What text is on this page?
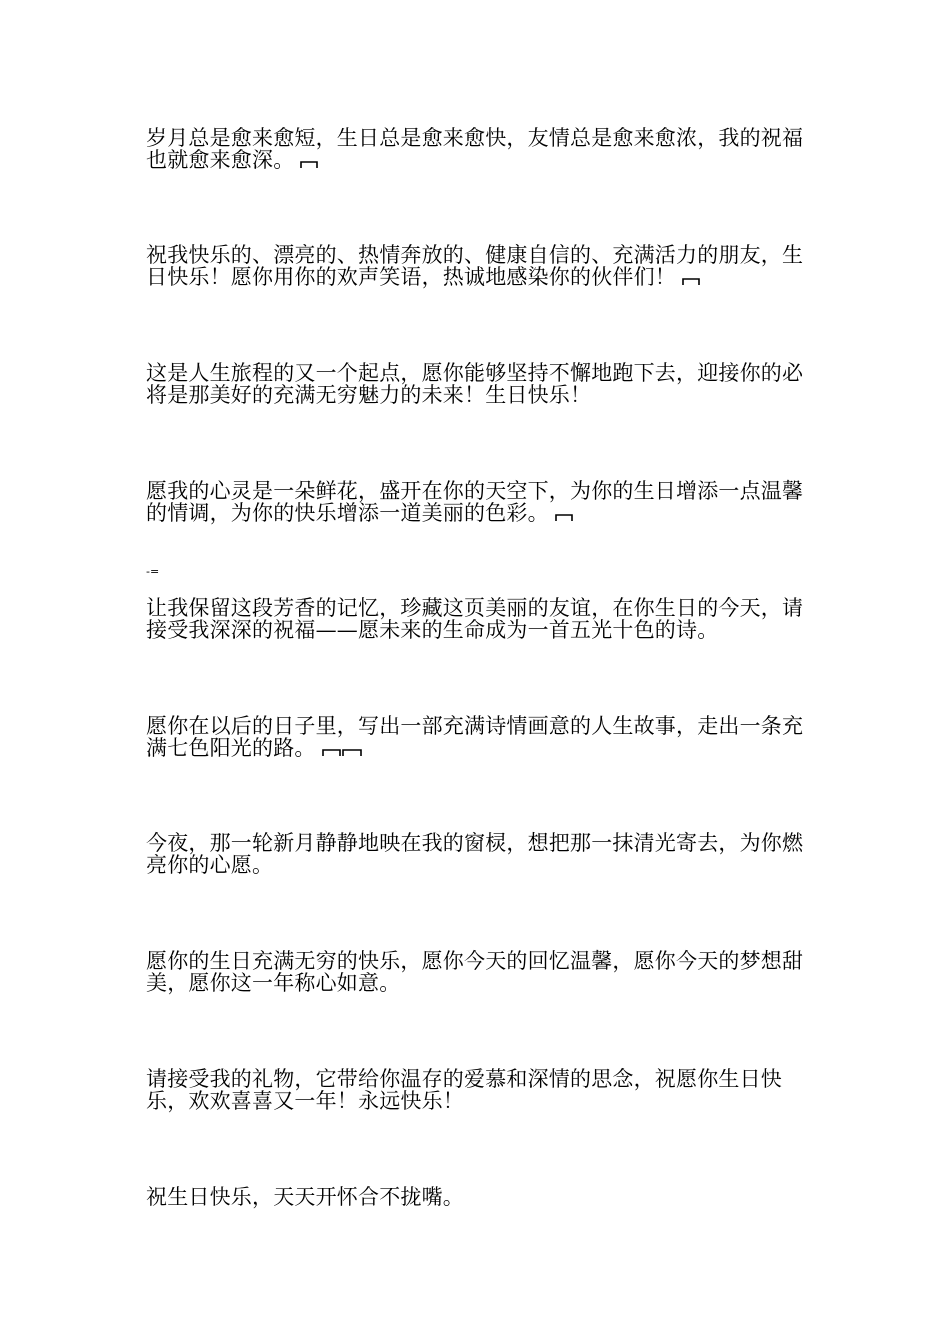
岁月总是愈来愈短，生日总是愈来愈快，友情总是愈来愈浓，我的祝福也就愈来愈深。
祝我快乐的、漂亮的、热情奔放的、健康自信的、充满活力的朋友，生日快乐！愿你用你的欢声笑语，热诚地感染你的伙伴们！
这是人生旅程的又一个起点，愿你能够坚持不懈地跑下去，迎接你的必将是那美好的充满无穷魅力的未来！生日快乐！
愿我的心灵是一朵鲜花，盛开在你的天空下，为你的生日增添一点温馨的情调，为你的快乐增添一道美丽的色彩。
-=
让我保留这段芳香的记忆，珍藏这页美丽的友谊，在你生日的今天，请接受我深深的祝福——愿未来的生命成为一首五光十色的诗。
愿你在以后的日子里，写出一部充满诗情画意的人生故事，走出一条充满七色阳光的路。
今夜，那一轮新月静静地映在我的窗棂，想把那一抹清光寄去，为你燃亮你的心愿。
愿你的生日充满无穷的快乐，愿你今天的回忆温馨，愿你今天的梦想甜美，愿你这一年称心如意。
请接受我的礼物，它带给你温存的爱慕和深情的思念，祝愿你生日快乐，欢欢喜喜又一年！永远快乐！
祝生日快乐，天天开怀合不拢嘴。
